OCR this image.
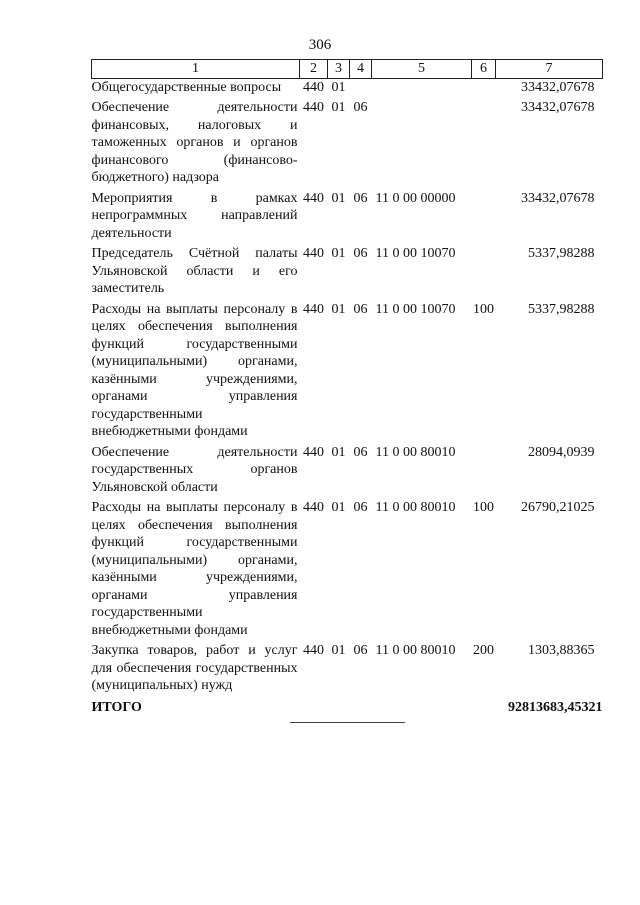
306
1	2	3	4	5	6	7
Общегосударственные вопросы	440	01				33432,07678
Обеспечение деятельности финансовых, налоговых и таможенных органов и органов финансового (финансово-бюджетного) надзора	440	01	06			33432,07678
Мероприятия в рамках непрограммных направлений деятельности	440	01	06	11 0 00 00000		33432,07678
Председатель Счётной палаты Ульяновской области и его заместитель	440	01	06	11 0 00 10070		5337,98288
Расходы на выплаты персоналу в целях обеспечения выполнения функций государственными (муниципальными) органами, казёнными учреждениями, органами управления государственными внебюджетными фондами	440	01	06	11 0 00 10070	100	5337,98288
Обеспечение деятельности государственных органов Ульяновской области	440	01	06	11 0 00 80010		28094,0939
Расходы на выплаты персоналу в целях обеспечения выполнения функций государственными (муниципальными) органами, казёнными учреждениями, органами управления государственными внебюджетными фондами	440	01	06	11 0 00 80010	100	26790,21025
Закупка товаров, работ и услуг для обеспечения государственных (муниципальных) нужд	440	01	06	11 0 00 80010	200	1303,88365
ИТОГО					92813683,45321	
